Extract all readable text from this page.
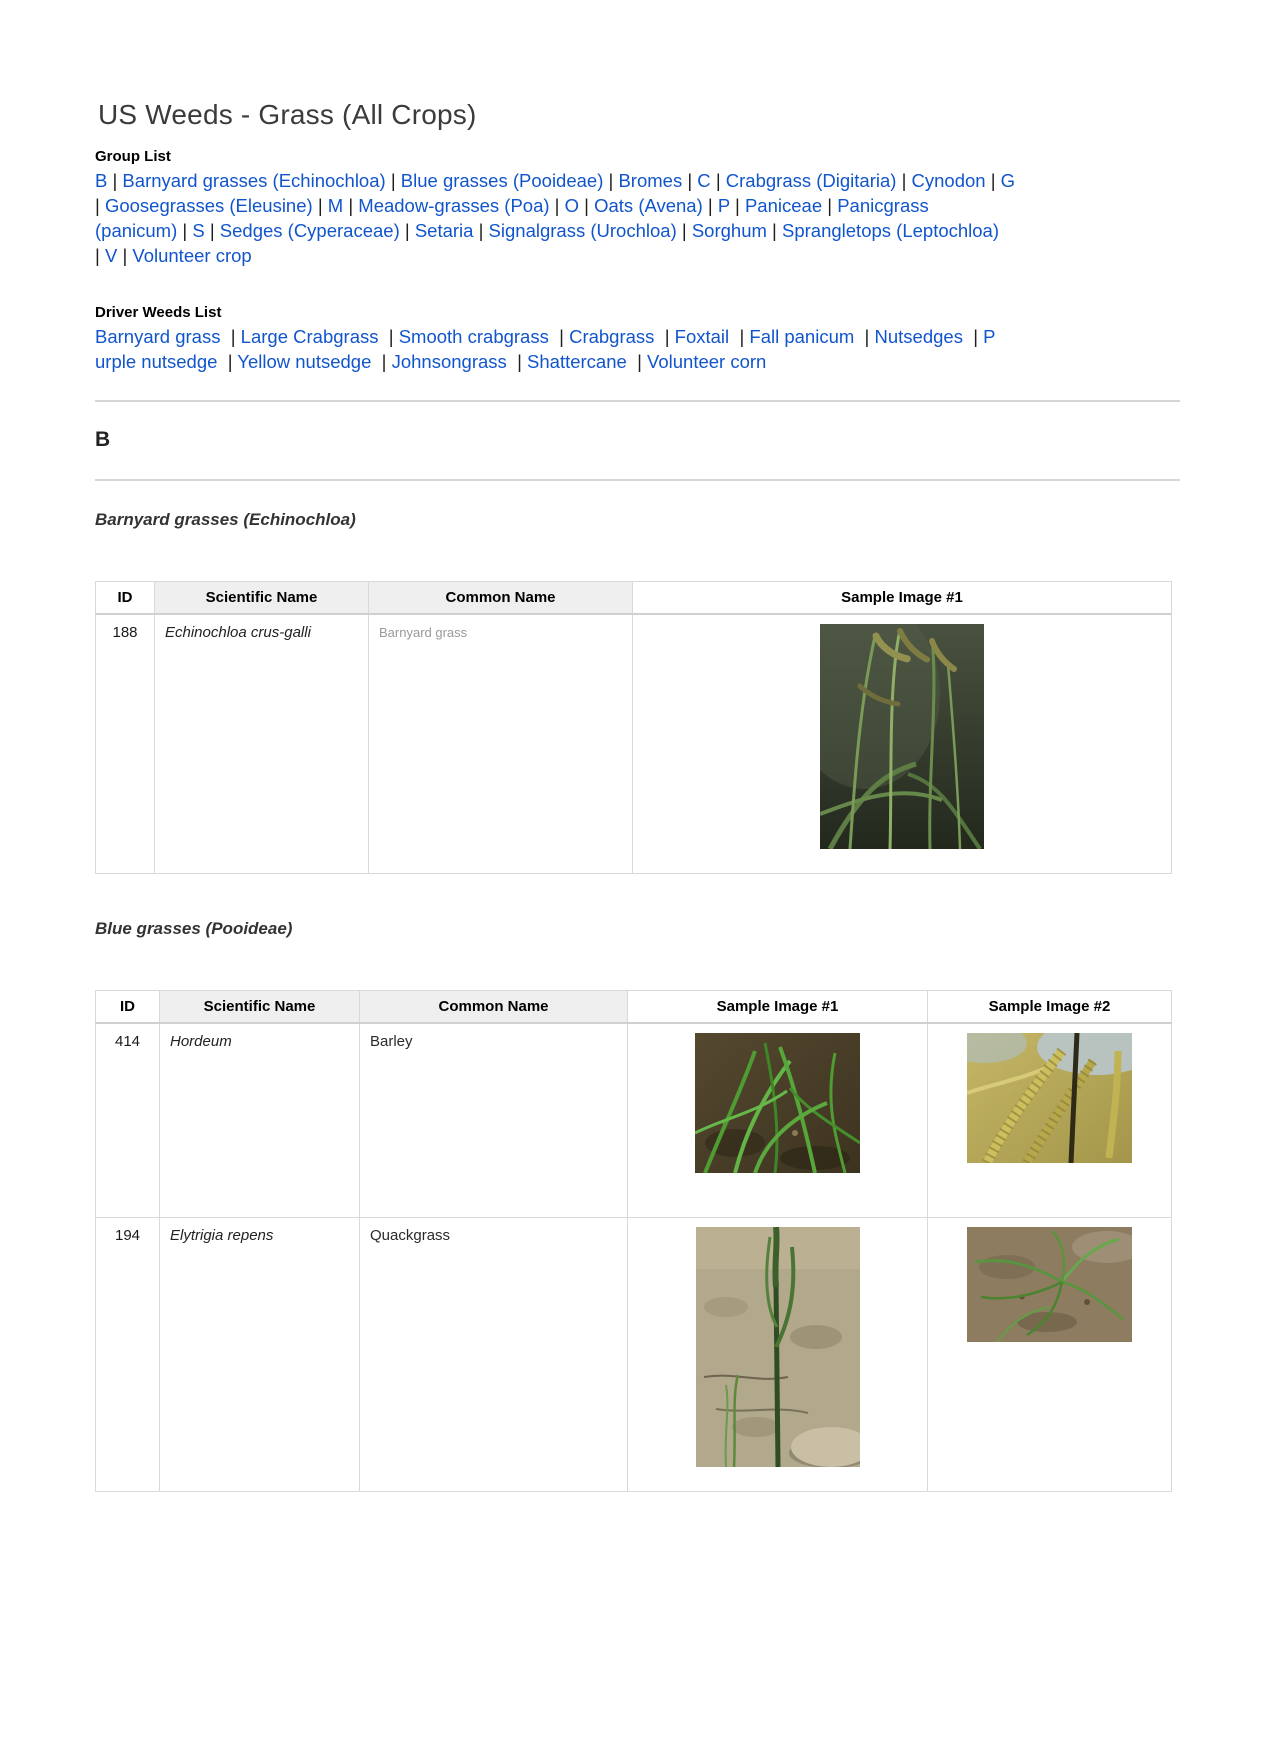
US Weeds - Grass (All Crops)
Group List
B | Barnyard grasses (Echinochloa) | Blue grasses (Pooideae) | Bromes | C | Crabgrass (Digitaria) | Cynodon | G
| Goosegrasses (Eleusine) | M | Meadow-grasses (Poa) | O | Oats (Avena) | P | Paniceae | Panicgrass
(panicum) | S | Sedges (Cyperaceae) | Setaria | Signalgrass (Urochloa) | Sorghum | Sprangletops (Leptochloa)
| V | Volunteer crop
Driver Weeds List
Barnyard grass  | Large Crabgrass  | Smooth crabgrass  | Crabgrass  | Foxtail  | Fall panicum  | Nutsedges  | P
urple nutsedge  | Yellow nutsedge  | Johnsongrass  | Shattercane  | Volunteer corn
B
Barnyard grasses (Echinochloa)
ID	Scientific Name	Common Name	Sample Image #1
188	Echinochloa crus-galli	Barnyard grass	
Blue grasses (Pooideae)
ID	Scientific Name	Common Name	Sample Image #1	Sample Image #2
414	Hordeum	Barley	

194	Elytrigia repens	Quackgrass	
